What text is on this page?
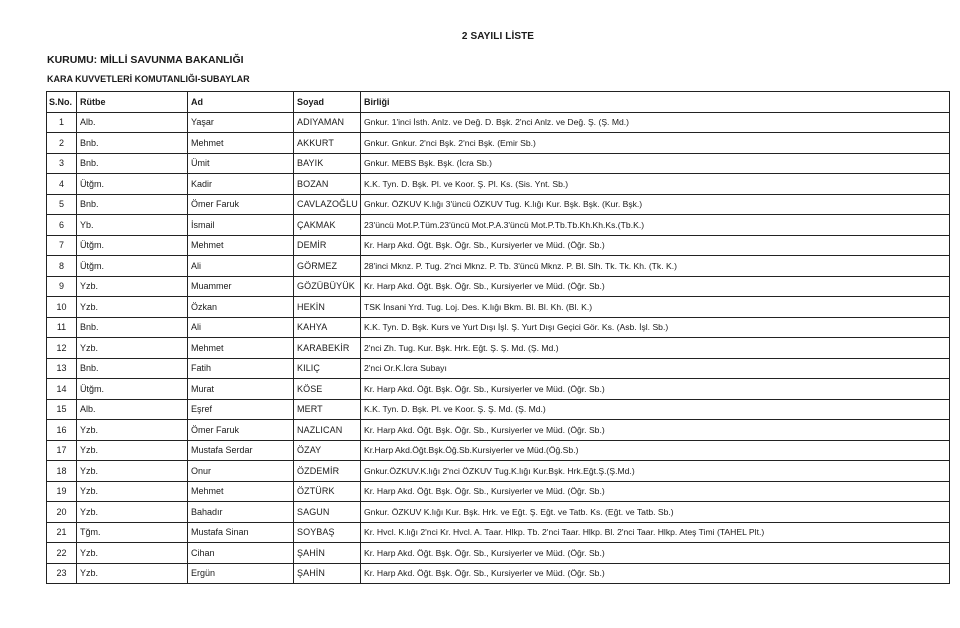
2 SAYILI LİSTE
KURUMU: MİLLİ SAVUNMA BAKANLIĞI
KARA KUVVETLERİ KOMUTANLIĞI-SUBAYLAR
S.No.	Rütbe	Ad	Soyad	Birliği
1	Alb.	Yaşar	ADIYAMAN	Gnkur. 1'inci İsth. Anlz. ve Değ. D. Bşk. 2'nci Anlz. ve Değ. Ş. (Ş. Md.)
2	Bnb.	Mehmet	AKKURT	Gnkur. Gnkur. 2'nci Bşk. 2'nci Bşk. (Emir Sb.)
3	Bnb.	Ümit	BAYIK	Gnkur. MEBS Bşk. Bşk. (İcra Sb.)
4	Ütğm.	Kadir	BOZAN	K.K. Tyn. D. Bşk. Pl. ve Koor. Ş. Pl. Ks. (Sis. Ynt. Sb.)
5	Bnb.	Ömer Faruk	CAVLAZOĞLU	Gnkur. ÖZKUV K.lığı 3'üncü ÖZKUV Tug. K.lığı Kur. Bşk. Bşk. (Kur. Bşk.)
6	Yb.	İsmail	ÇAKMAK	23'üncü Mot.P.Tüm.23'üncü Mot.P.A.3'üncü Mot.P.Tb.Tb.Kh.Kh.Ks.(Tb.K.)
7	Ütğm.	Mehmet	DEMİR	Kr. Harp Akd. Öğt. Bşk. Öğr. Sb., Kursiyerler ve Müd. (Öğr. Sb.)
8	Ütğm.	Ali	GÖRMEZ	28'inci Mknz. P. Tug. 2'nci Mknz. P. Tb. 3'üncü Mknz. P. Bl. Slh. Tk. Tk. Kh. (Tk. K.)
9	Yzb.	Muammer	GÖZÜBÜYÜK	Kr. Harp Akd. Öğt. Bşk. Öğr. Sb., Kursiyerler ve Müd. (Öğr. Sb.)
10	Yzb.	Özkan	HEKİN	TSK İnsani Yrd. Tug. Loj. Des. K.lığı Bkm. Bl. Bl. Kh. (Bl. K.)
11	Bnb.	Ali	KAHYA	K.K. Tyn. D. Bşk. Kurs ve Yurt Dışı İşl. Ş. Yurt Dışı Geçici Gör. Ks. (Asb. İşl. Sb.)
12	Yzb.	Mehmet	KARABEKİR	2'nci Zh. Tug. Kur. Bşk. Hrk. Eğt. Ş. Ş. Md. (Ş. Md.)
13	Bnb.	Fatih	KILIÇ	2'nci Or.K.İcra Subayı
14	Ütğm.	Murat	KÖSE	Kr. Harp Akd. Öğt. Bşk. Öğr. Sb., Kursiyerler ve Müd. (Öğr. Sb.)
15	Alb.	Eşref	MERT	K.K. Tyn. D. Bşk. Pl. ve Koor. Ş. Ş. Md. (Ş. Md.)
16	Yzb.	Ömer Faruk	NAZLICAN	Kr. Harp Akd. Öğt. Bşk. Öğr. Sb., Kursiyerler ve Müd. (Öğr. Sb.)
17	Yzb.	Mustafa Serdar	ÖZAY	Kr.Harp Akd.Öğt.Bşk.Öğ.Sb.Kursiyerler ve Müd.(Öğ.Sb.)
18	Yzb.	Onur	ÖZDEMİR	Gnkur.ÖZKUV.K.lığı 2'nci ÖZKUV Tug.K.lığı Kur.Bşk. Hrk.Eğt.Ş.(Ş.Md.)
19	Yzb.	Mehmet	ÖZTÜRK	Kr. Harp Akd. Öğt. Bşk. Öğr. Sb., Kursiyerler ve Müd. (Öğr. Sb.)
20	Yzb.	Bahadır	SAGUN	Gnkur. ÖZKUV K.lığı Kur. Bşk. Hrk. ve Eğt. Ş. Eğt. ve Tatb. Ks. (Eğt. ve Tatb. Sb.)
21	Tğm.	Mustafa Sinan	SOYBAŞ	Kr. Hvcl. K.lığı 2'nci Kr. Hvcl. A. Taar. Hlkp. Tb. 2'nci Taar. Hlkp. Bl. 2'nci Taar. Hlkp. Ateş Timi (TAHEL Plt.)
22	Yzb.	Cihan	ŞAHİN	Kr. Harp Akd. Öğt. Bşk. Öğr. Sb., Kursiyerler ve Müd. (Öğr. Sb.)
23	Yzb.	Ergün	ŞAHİN	Kr. Harp Akd. Öğt. Bşk. Öğr. Sb., Kursiyerler ve Müd. (Öğr. Sb.)
